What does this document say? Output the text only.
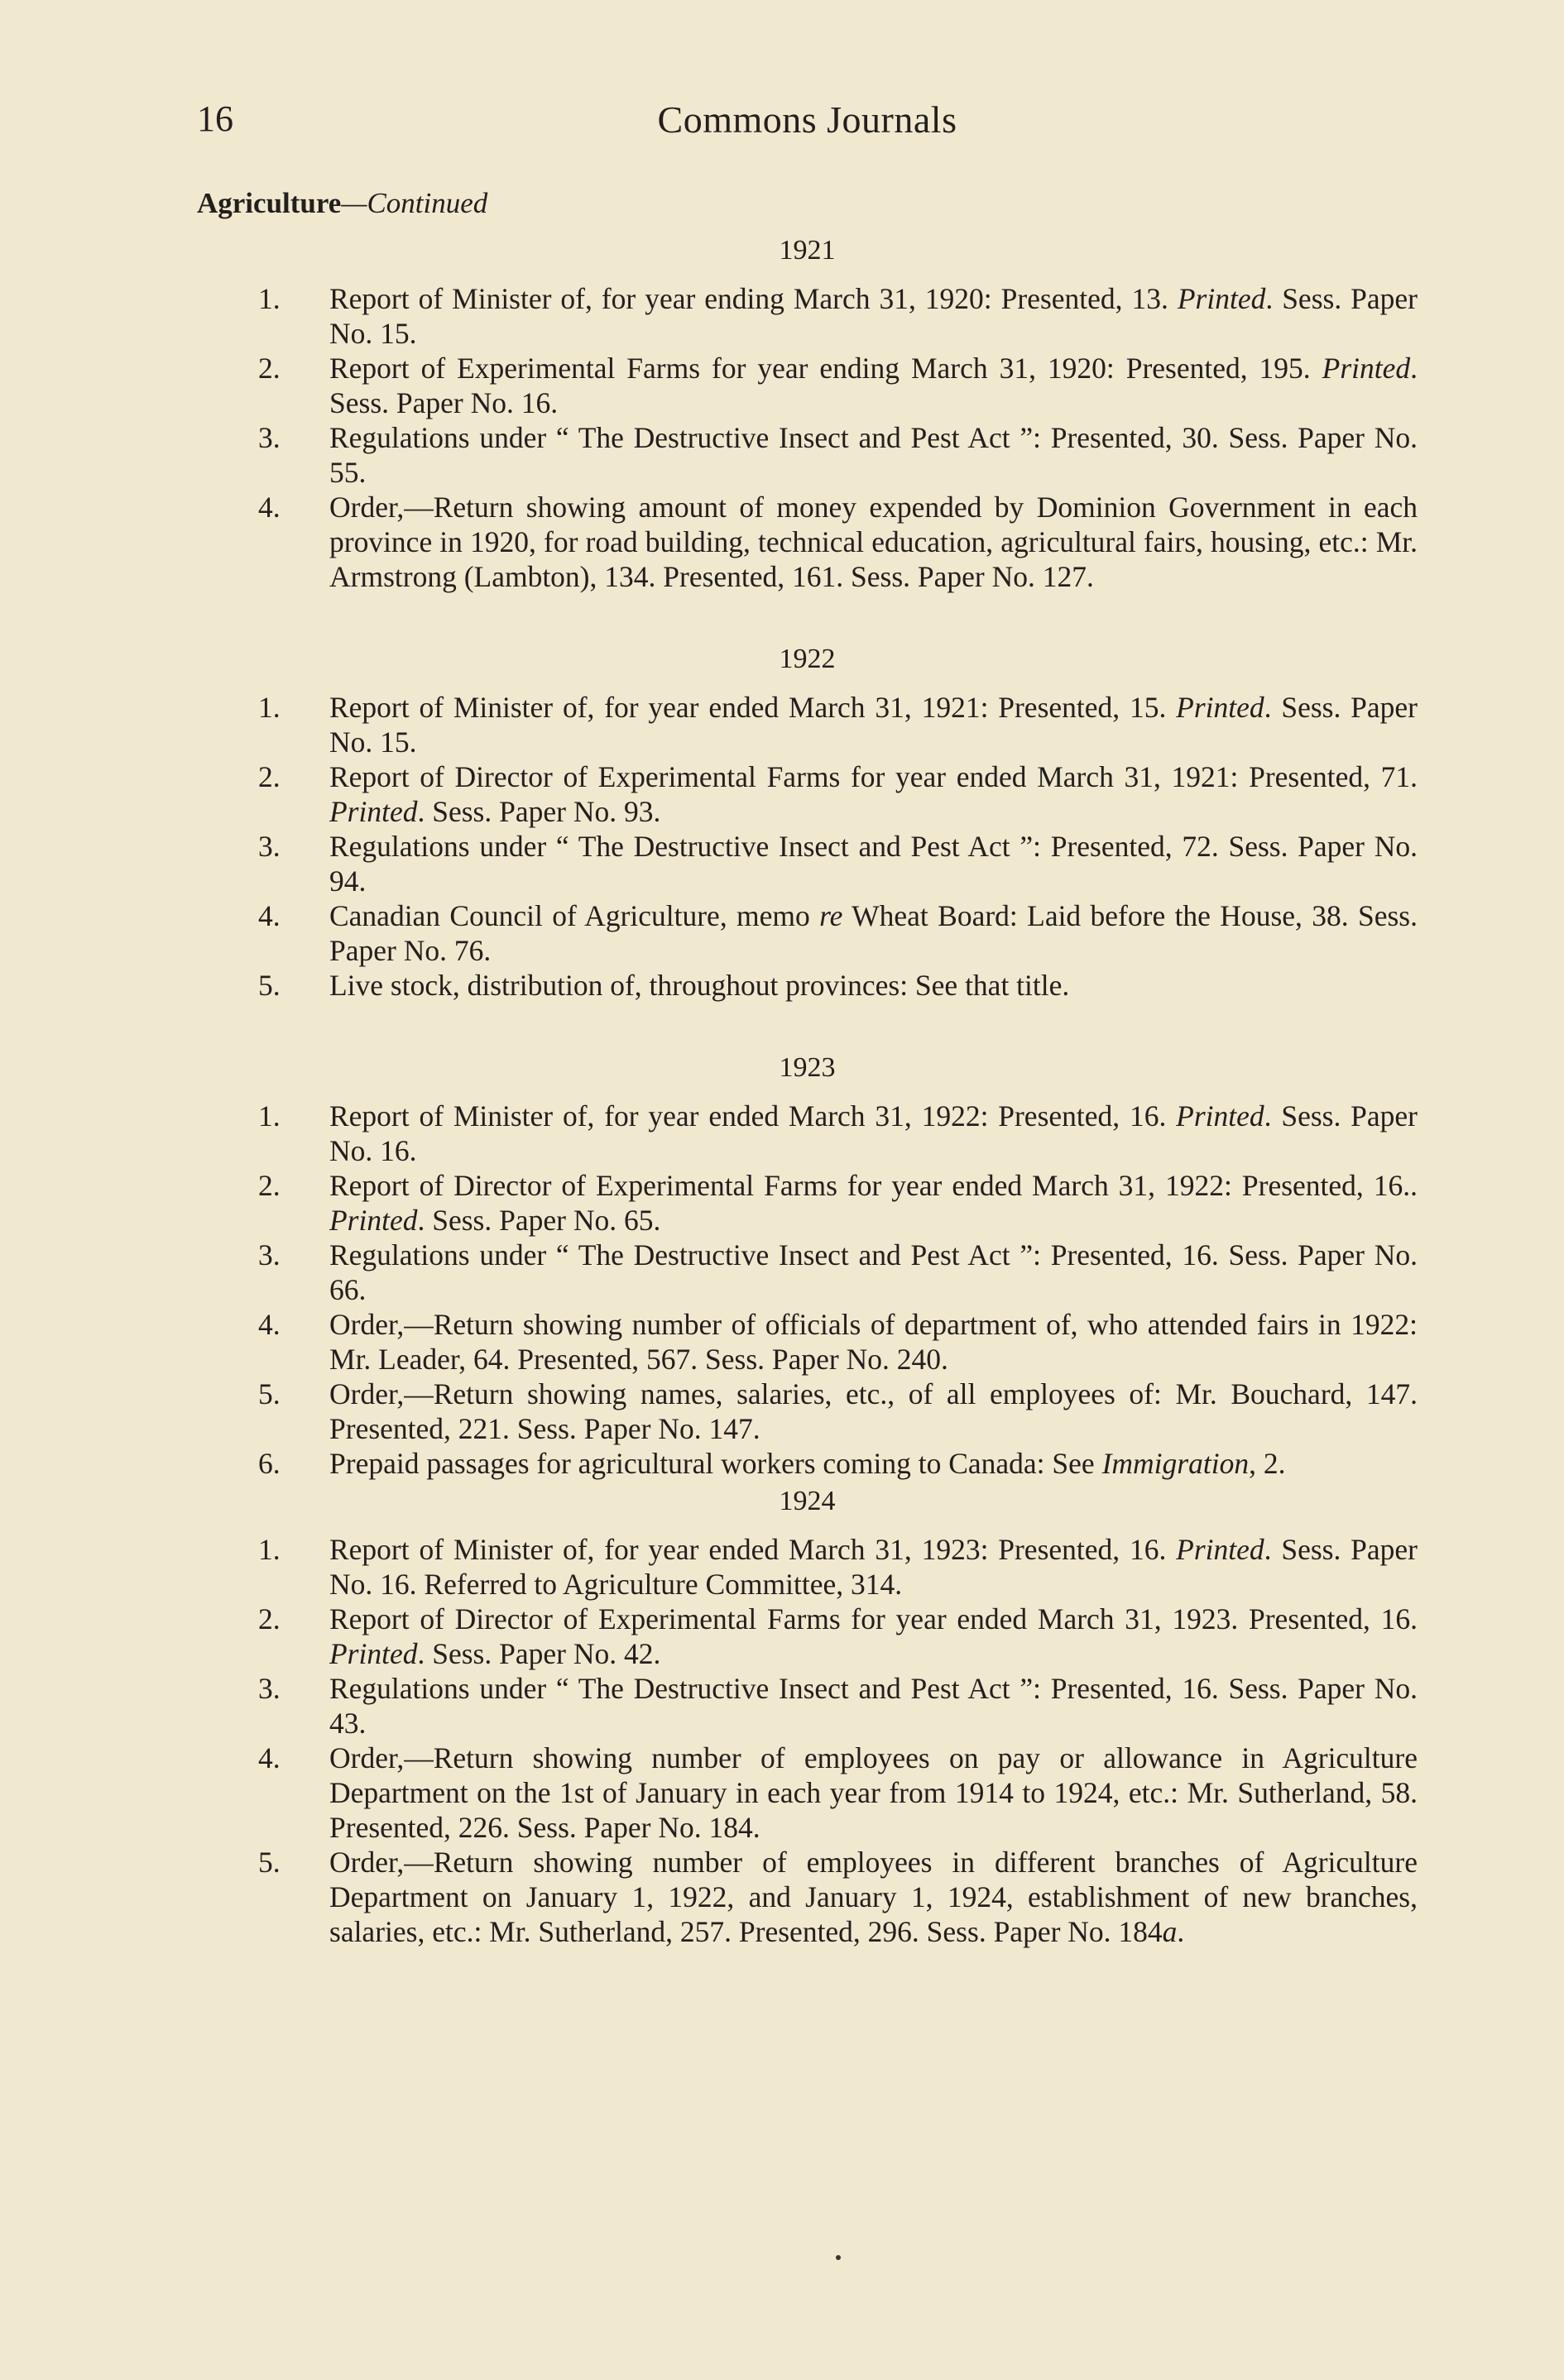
16	Commons Journals
Agriculture—Continued
1921
1. Report of Minister of, for year ending March 31, 1920: Presented, 13. Printed. Sess. Paper No. 15.
2. Report of Experimental Farms for year ending March 31, 1920: Presented, 195. Printed. Sess. Paper No. 16.
3. Regulations under “ The Destructive Insect and Pest Act ”: Presented, 30. Sess. Paper No. 55.
4. Order,—Return showing amount of money expended by Dominion Government in each province in 1920, for road building, technical education, agricultural fairs, housing, etc.: Mr. Armstrong (Lambton), 134. Presented, 161. Sess. Paper No. 127.
1922
1. Report of Minister of, for year ended March 31, 1921: Presented, 15. Printed. Sess. Paper No. 15.
2. Report of Director of Experimental Farms for year ended March 31, 1921: Presented, 71. Printed. Sess. Paper No. 93.
3. Regulations under “ The Destructive Insect and Pest Act ”: Presented, 72. Sess. Paper No. 94.
4. Canadian Council of Agriculture, memo re Wheat Board: Laid before the House, 38. Sess. Paper No. 76.
5. Live stock, distribution of, throughout provinces: See that title.
1923
1. Report of Minister of, for year ended March 31, 1922: Presented, 16. Printed. Sess. Paper No. 16.
2. Report of Director of Experimental Farms for year ended March 31, 1922: Presented, 16.. Printed. Sess. Paper No. 65.
3. Regulations under “ The Destructive Insect and Pest Act ”: Presented, 16. Sess. Paper No. 66.
4. Order,—Return showing number of officials of department of, who attended fairs in 1922: Mr. Leader, 64. Presented, 567. Sess. Paper No. 240.
5. Order,—Return showing names, salaries, etc., of all employees of: Mr. Bouchard, 147. Presented, 221. Sess. Paper No. 147.
6. Prepaid passages for agricultural workers coming to Canada: See Immigration, 2.
1924
1. Report of Minister of, for year ended March 31, 1923: Presented, 16. Printed. Sess. Paper No. 16. Referred to Agriculture Committee, 314.
2. Report of Director of Experimental Farms for year ended March 31, 1923. Presented, 16. Printed. Sess. Paper No. 42.
3. Regulations under “ The Destructive Insect and Pest Act ”: Presented, 16. Sess. Paper No. 43.
4. Order,—Return showing number of employees on pay or allowance in Agriculture Department on the 1st of January in each year from 1914 to 1924, etc.: Mr. Sutherland, 58. Presented, 226. Sess. Paper No. 184.
5. Order,—Return showing number of employees in different branches of Agriculture Department on January 1, 1922, and January 1, 1924, establishment of new branches, salaries, etc.: Mr. Sutherland, 257. Presented, 296. Sess. Paper No. 184a.
